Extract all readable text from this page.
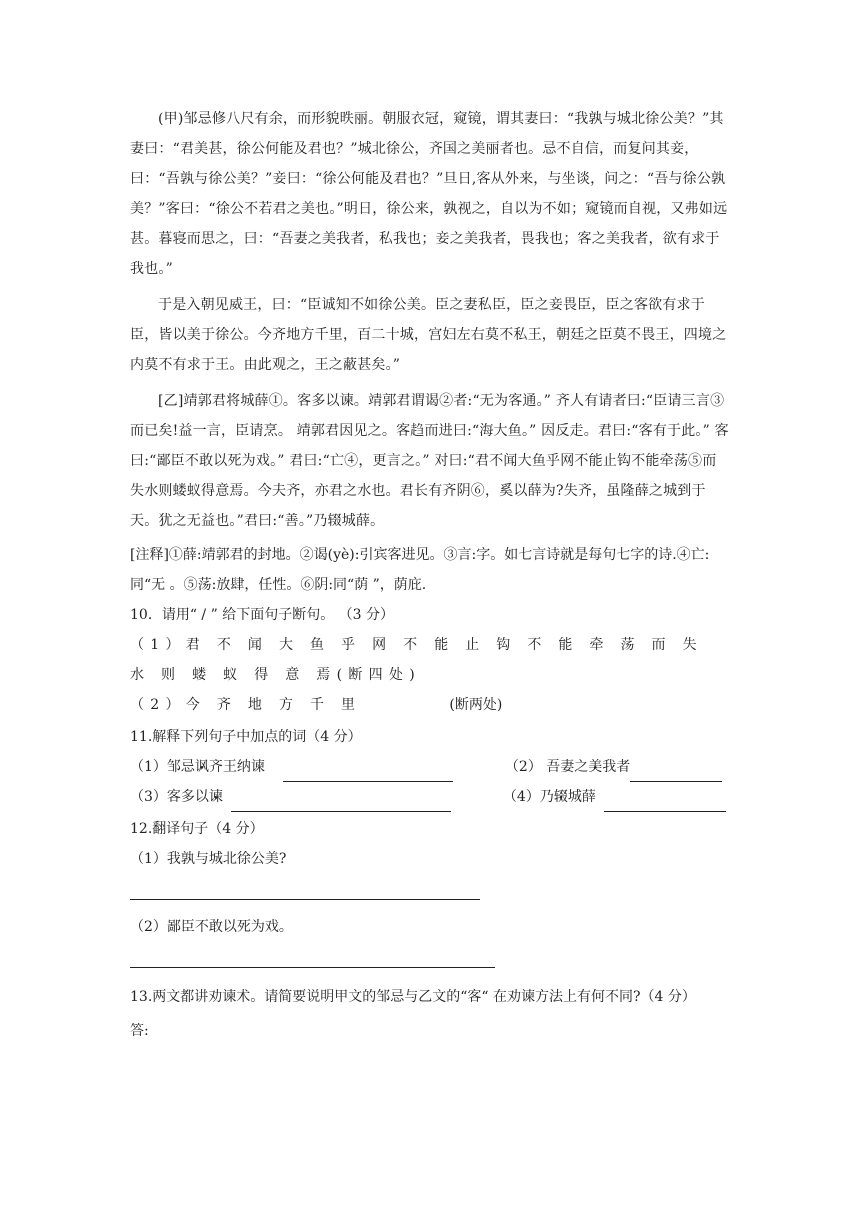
(甲)邹忌修八尺有余，而形貌昳丽。朝服衣冠，窥镜，谓其妻曰：“我孰与城北徐公美？”其妻曰：“君美甚，徐公何能及君也？”城北徐公，齐国之美丽者也。忌不自信，而复问其妾，曰：“吾孰与徐公美？”妾曰：“徐公何能及君也？”旦日,客从外来，与坐谈，问之：“吾与徐公孰美？”客曰：“徐公不若君之美也。”明日，徐公来，孰视之，自以为不如；窥镜而自视，又弗如远甚。暮寝而思之，曰：“吾妻之美我者，私我也；妾之美我者，畏我也；客之美我者，欲有求于我也。”

于是入朝见威王，曰：“臣诚知不如徐公美。臣之妻私臣，臣之妾畏臣，臣之客欲有求于臣，皆以美于徐公。今齐地方千里，百二十城，宫妇左右莫不私王，朝廷之臣莫不畏王，四境之内莫不有求于王。由此观之，王之蔽甚矣。”

[乙]靖郭君将城薛①。客多以谏。靖郭君谓谒②者:“无为客通。” 齐人有请者曰:“臣请三言③而已矣!益一言，臣请烹。 靖郭君因见之。客趋而进曰:“海大鱼。” 因反走。君曰:“客有于此。” 客曰:“鄙臣不敢以死为戏。” 君曰:“亡④，更言之。” 对曰:“君不闻大鱼乎网不能止钩不能牵荡⑤而失水则蝼蚁得意焉。今夫齐，亦君之水也。君长有齐阴⑥，奚以薛为?失齐，虽隆薛之城到于天。犹之无益也。”君曰:“善。”乃辍城薛。

[注释]①薛:靖郭君的封地。②谒(yè):引宾客进见。③言:字。如七言诗就是每句七字的诗.④亡:同“无 。⑤荡:放肆，任性。⑥阴:同“荫 ”，荫庇.

10．请用“ / ” 给下面句子断句。 （3 分）

（1）君 不 闻 大 鱼 乎 网 不 能 止 钩 不 能 牵 荡 而 失 水 则 蝼 蚁 得 意 焉(断四处)

（2）今 齐 地 方 千 里	(断两处)

11.解释下列句子中加点的词（4 分）

（1）邹忌讽 •齐王纳谏	（2） 吾妻之美 •我者
（3）客多以谏 •	（4）乃辍 •城薛

12.翻译句子（4 分）

（1）我孰与城北徐公美?

（2）鄙臣不敢以死为戏。

13.两文都讲劝谏术。请简要说明甲文的邹忌与乙文的“客“ 在劝谏方法上有何不同?（4 分）

答:
